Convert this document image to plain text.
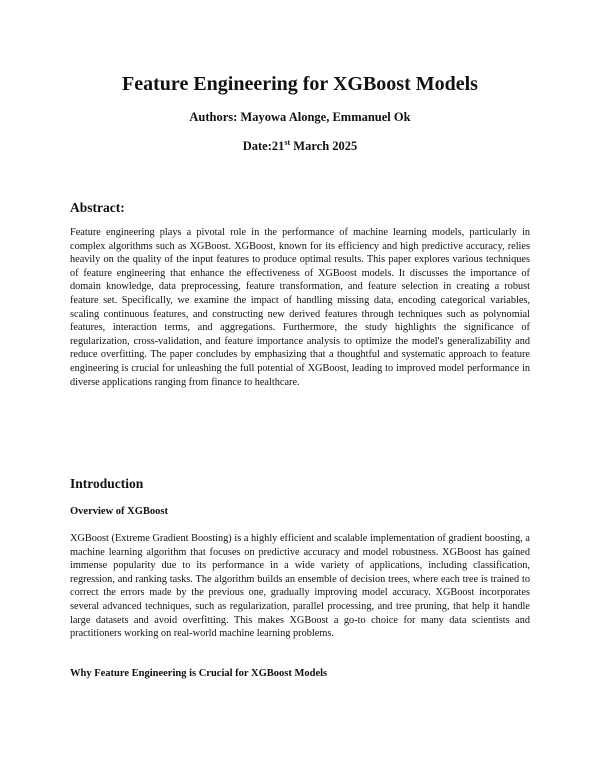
Feature Engineering for XGBoost Models
Authors: Mayowa Alonge, Emmanuel Ok
Date:21st March 2025
Abstract:

Feature engineering plays a pivotal role in the performance of machine learning models, particularly in complex algorithms such as XGBoost. XGBoost, known for its efficiency and high predictive accuracy, relies heavily on the quality of the input features to produce optimal results. This paper explores various techniques of feature engineering that enhance the effectiveness of XGBoost models. It discusses the importance of domain knowledge, data preprocessing, feature transformation, and feature selection in creating a robust feature set. Specifically, we examine the impact of handling missing data, encoding categorical variables, scaling continuous features, and constructing new derived features through techniques such as polynomial features, interaction terms, and aggregations. Furthermore, the study highlights the significance of regularization, cross-validation, and feature importance analysis to optimize the model's generalizability and reduce overfitting. The paper concludes by emphasizing that a thoughtful and systematic approach to feature engineering is crucial for unleashing the full potential of XGBoost, leading to improved model performance in diverse applications ranging from finance to healthcare.

Introduction
Overview of XGBoost

XGBoost (Extreme Gradient Boosting) is a highly efficient and scalable implementation of gradient boosting, a machine learning algorithm that focuses on predictive accuracy and model robustness. XGBoost has gained immense popularity due to its performance in a wide variety of applications, including classification, regression, and ranking tasks. The algorithm builds an ensemble of decision trees, where each tree is trained to correct the errors made by the previous one, gradually improving model accuracy. XGBoost incorporates several advanced techniques, such as regularization, parallel processing, and tree pruning, that help it handle large datasets and avoid overfitting. This makes XGBoost a go-to choice for many data scientists and practitioners working on real-world machine learning problems.

Why Feature Engineering is Crucial for XGBoost Models
